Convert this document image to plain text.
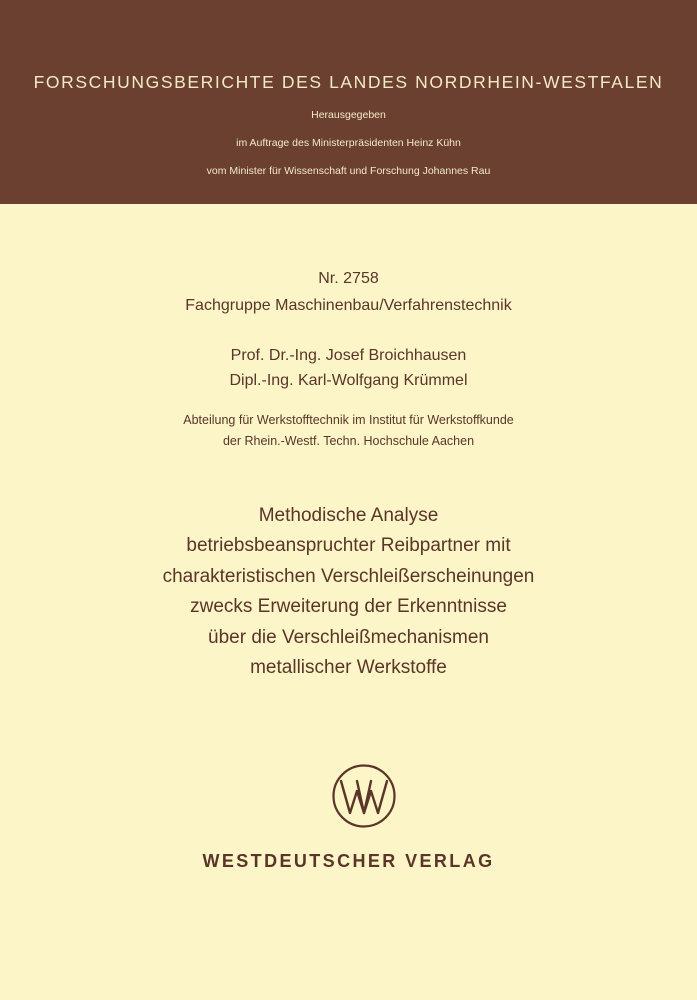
FORSCHUNGSBERICHTE DES LANDES NORDRHEIN-WESTFALEN
Herausgegeben
im Auftrage des Ministerpräsidenten Heinz Kühn
vom Minister für Wissenschaft und Forschung Johannes Rau
Nr. 2758
Fachgruppe Maschinenbau/Verfahrenstechnik
Prof. Dr.-Ing. Josef Broichhausen
Dipl.-Ing. Karl-Wolfgang Krümmel
Abteilung für Werkstofftechnik im Institut für Werkstoffkunde
der Rhein.-Westf. Techn. Hochschule Aachen
Methodische Analyse
betriebsbeanspruchter Reibpartner mit
charakteristischen Verschleißerscheinungen
zwecks Erweiterung der Erkenntnisse
über die Verschleißmechanismen
metallischer Werkstoffe
WESTDEUTSCHER VERLAG
